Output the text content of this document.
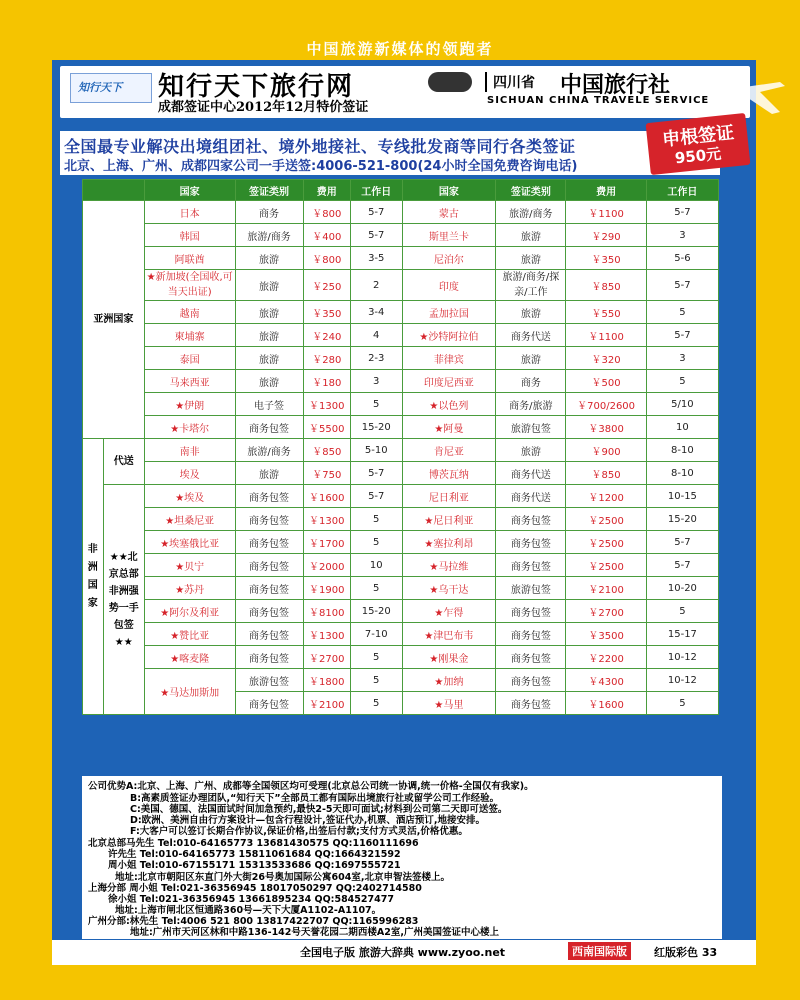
中国旅游新媒体的领跑者
知行天下 知行天下旅行网
成都签证中心2012年12月特价签证
四川省 中国旅行社
SICHUAN CHINA TRAVELE SERVICE
全国最专业解决出境组团社、境外地接社、专线批发商等同行各类签证
北京、上海、广州、成都四家公司一手送签:4006-521-800(24小时全国免费咨询电话)
申根签证
950元
		国家	签证类别	费用	工作日	国家	签证类别	费用	工作日
亚洲国家		日本	商务	￥800	5-7	蒙古	旅游/商务	￥1100	5-7
		韩国	旅游/商务	￥400	5-7	斯里兰卡	旅游	￥290	3
		阿联酋	旅游	￥800	3-5	尼泊尔	旅游	￥350	5-6
		★新加坡(全国收,可当天出证)	旅游	￥250	2	印度	旅游/商务/探亲/工作	￥850	5-7
		越南	旅游	￥350	3-4	孟加拉国	旅游	￥550	5
		柬埔寨	旅游	￥240	4	★沙特阿拉伯	商务代送	￥1100	5-7
		泰国	旅游	￥280	2-3	菲律宾	旅游	￥320	3
		马来西亚	旅游	￥180	3	印度尼西亚	商务	￥500	5
		★伊朗	电子签	￥1300	5	★以色列	商务/旅游	￥700/2600	5/10
		★卡塔尔	商务包签	￥5500	15-20	★阿曼	旅游包签	￥3800	10
非洲国家	代送	南非	旅游/商务	￥850	5-10	肯尼亚	旅游	￥900	8-10
		埃及	旅游	￥750	5-7	博茨瓦纳	商务代送	￥850	8-10
	★★北京总部非洲强势一手包签★★	★埃及	商务包签	￥1600	5-7	尼日利亚	商务代送	￥1200	10-15
		★坦桑尼亚	商务包签	￥1300	5	★尼日利亚	商务包签	￥2500	15-20
		★埃塞俄比亚	商务包签	￥1700	5	★塞拉利昂	商务包签	￥2500	5-7
		★贝宁	商务包签	￥2000	10	★马拉维	商务包签	￥2500	5-7
		★苏丹	商务包签	￥1900	5	★乌干达	旅游包签	￥2100	10-20
		★阿尔及利亚	商务包签	￥8100	15-20	★乍得	商务包签	￥2700	5
		★赞比亚	商务包签	￥1300	7-10	★津巴布韦	商务包签	￥3500	15-17
		★喀麦隆	商务包签	￥2700	5	★刚果金	商务包签	￥2200	10-12
		★马达加斯加	旅游包签	￥1800	5	★加纳	商务包签	￥4300	10-12
			商务包签	￥2100	5	★马里	商务包签	￥1600	5
公司优势A:北京、上海、广州、成都等全国领区均可受理(北京总公司统一协调,统一价格-全国仅有我家)。
B:高素质签证办理团队,“知行天下”全部员工都有国际出境旅行社或留学公司工作经验。
C:美国、德国、法国面试时间加急预约,最快2-5天即可面试;材料到公司第二天即可送签。
D:欧洲、美洲自由行方案设计—包含行程设计,签证代办,机票、酒店预订,地接安排。
F:大客户可以签订长期合作协议,保证价格,出签后付款;支付方式灵活,价格优惠。
北京总部马先生 Tel:010-64165773 13681430575 QQ:1160111696
许先生 Tel:010-64165773 15811061684 QQ:1664321592
周小姐 Tel:010-67155171 15313533686 QQ:1697555721
地址:北京市朝阳区东直门外大街26号奥加国际公寓604室,北京申智法签楼上。
上海分部 周小姐 Tel:021-36356945 18017050297 QQ:2402714580
徐小姐 Tel:021-36356945 13661895234 QQ:584527477
地址:上海市闸北区恒通路360号—天下大厦A1102-A1107。
广州分部:林先生 Tel:4006 521 800 13817422707 QQ:1165996283
地址:广州市天河区林和中路136-142号天誉花园二期西楼A2室,广州美国签证中心楼上
全国电子版 旅游大辞典 www.zyoo.net	西南国际版	红版彩色 33
